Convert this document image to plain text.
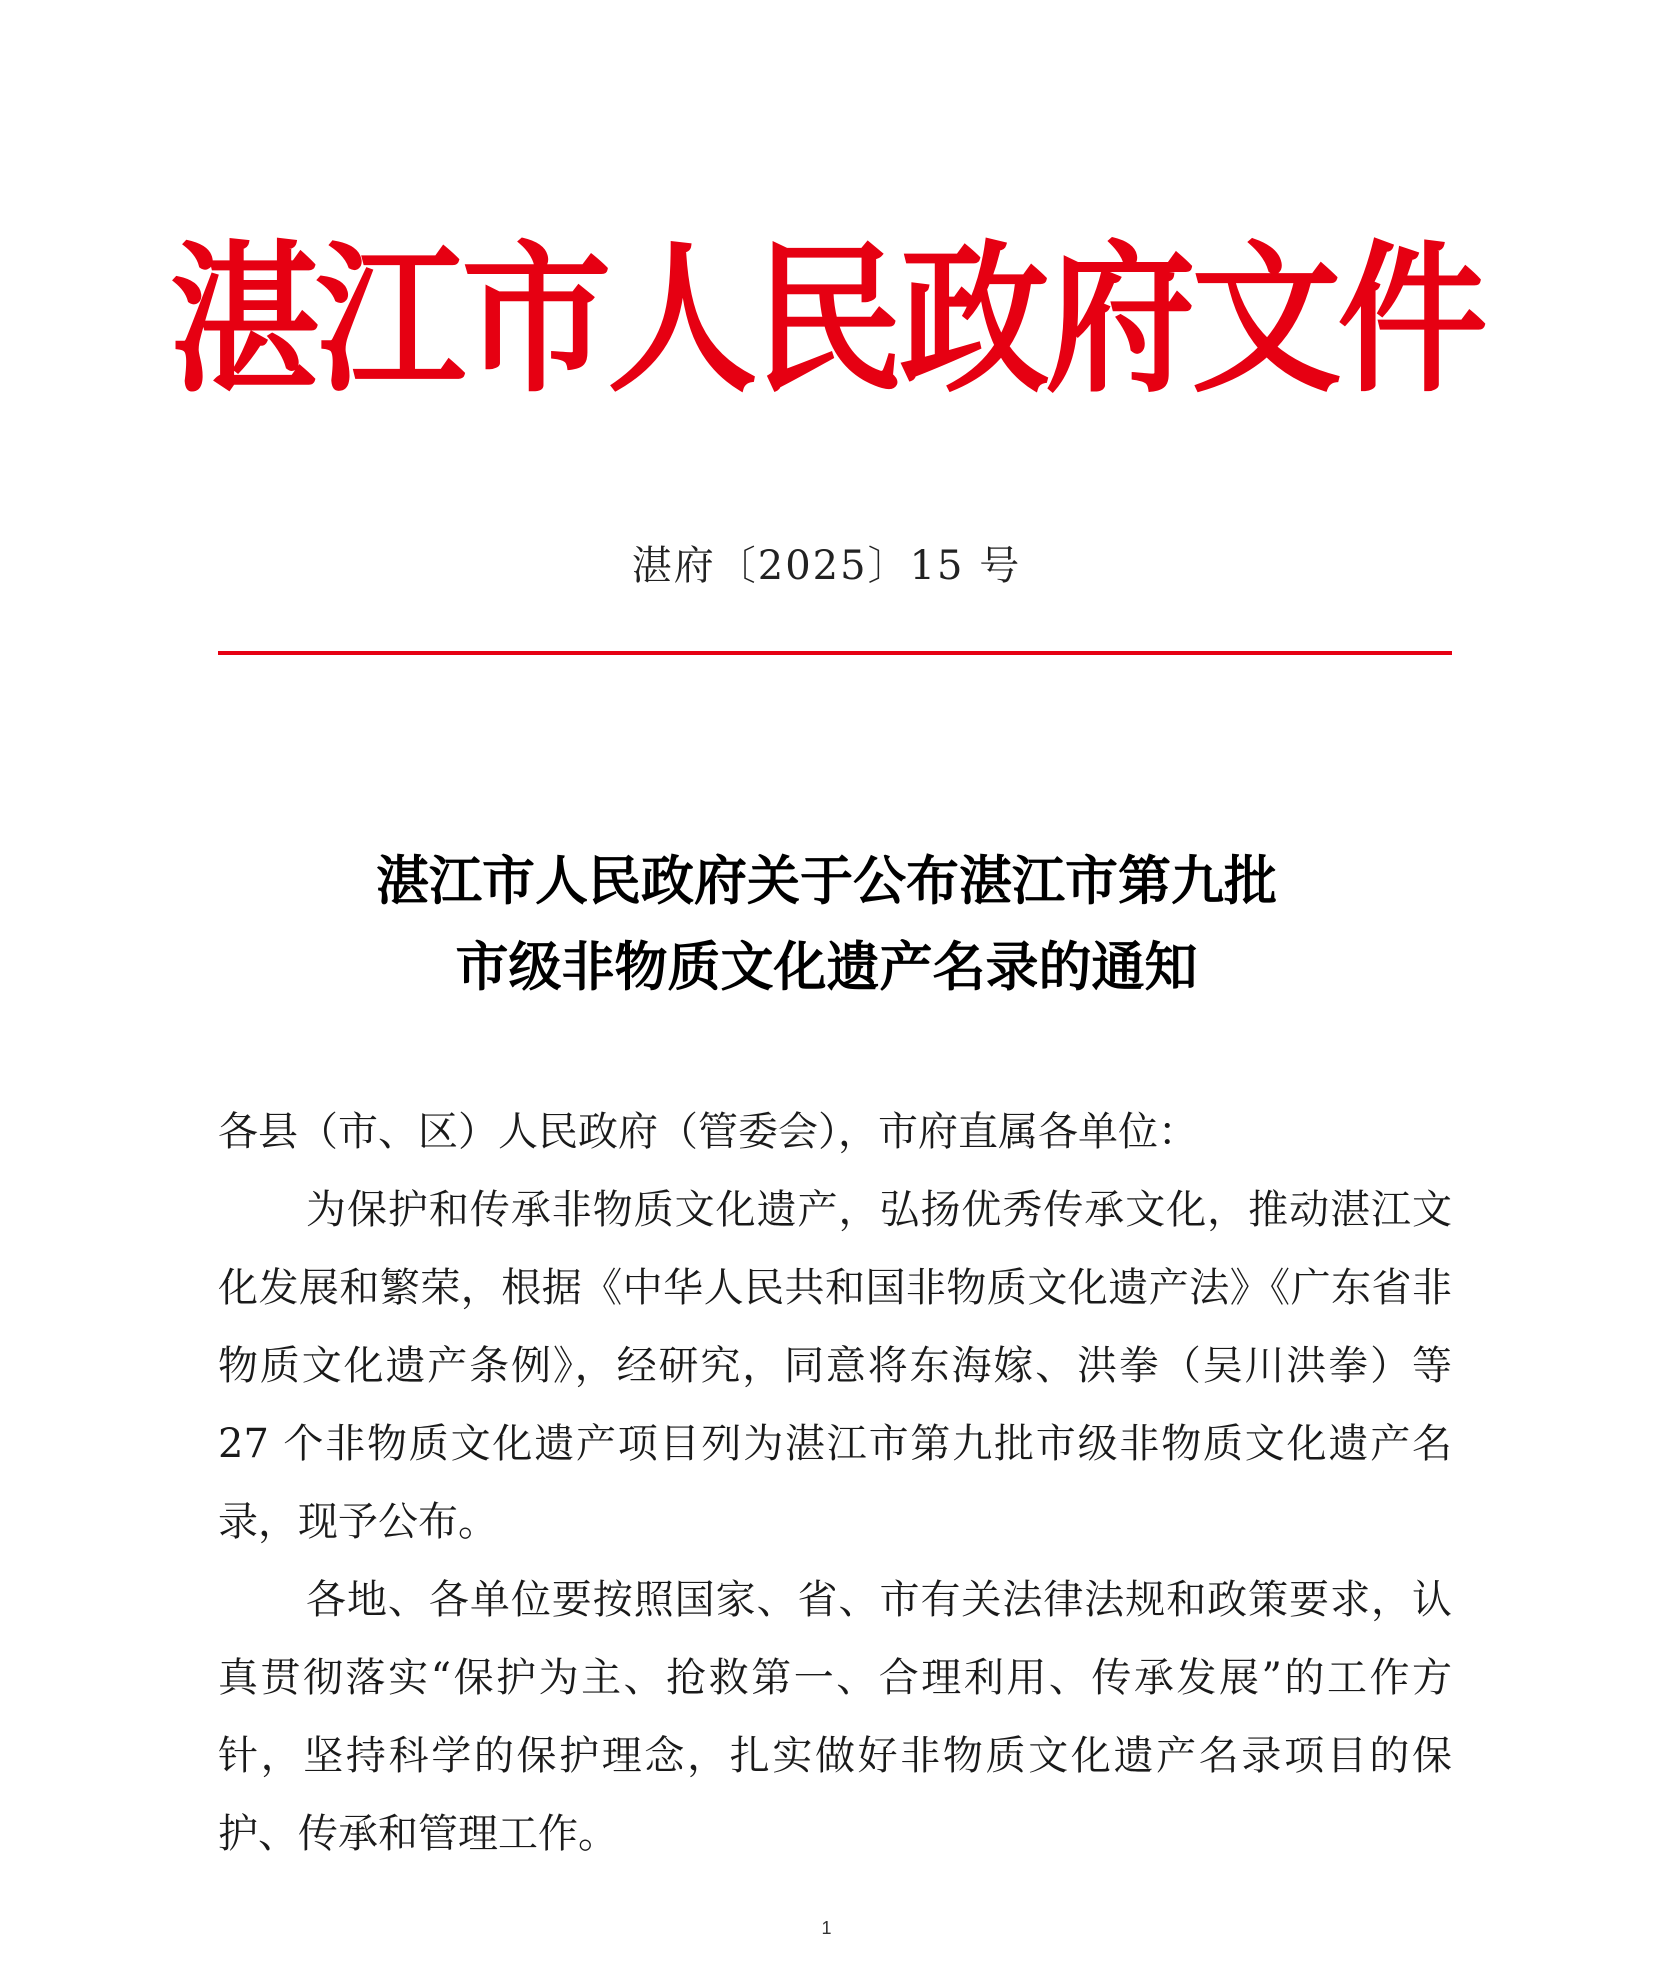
湛江市人民政府文件
湛府〔2025〕15 号
湛江市人民政府关于公布湛江市第九批
市级非物质文化遗产名录的通知

各县（市、区）人民政府（管委会），市府直属各单位：

为保护和传承非物质文化遗产，弘扬优秀传承文化，推动湛江文化发展和繁荣，根据《中华人民共和国非物质文化遗产法》《广东省非物质文化遗产条例》，经研究，同意将东海嫁、洪拳（吴川洪拳）等 27 个非物质文化遗产项目列为湛江市第九批市级非物质文化遗产名录，现予公布。

各地、各单位要按照国家、省、市有关法律法规和政策要求，认真贯彻落实“保护为主、抢救第一、合理利用、传承发展”的工作方针，坚持科学的保护理念，扎实做好非物质文化遗产名录项目的保护、传承和管理工作。

1
